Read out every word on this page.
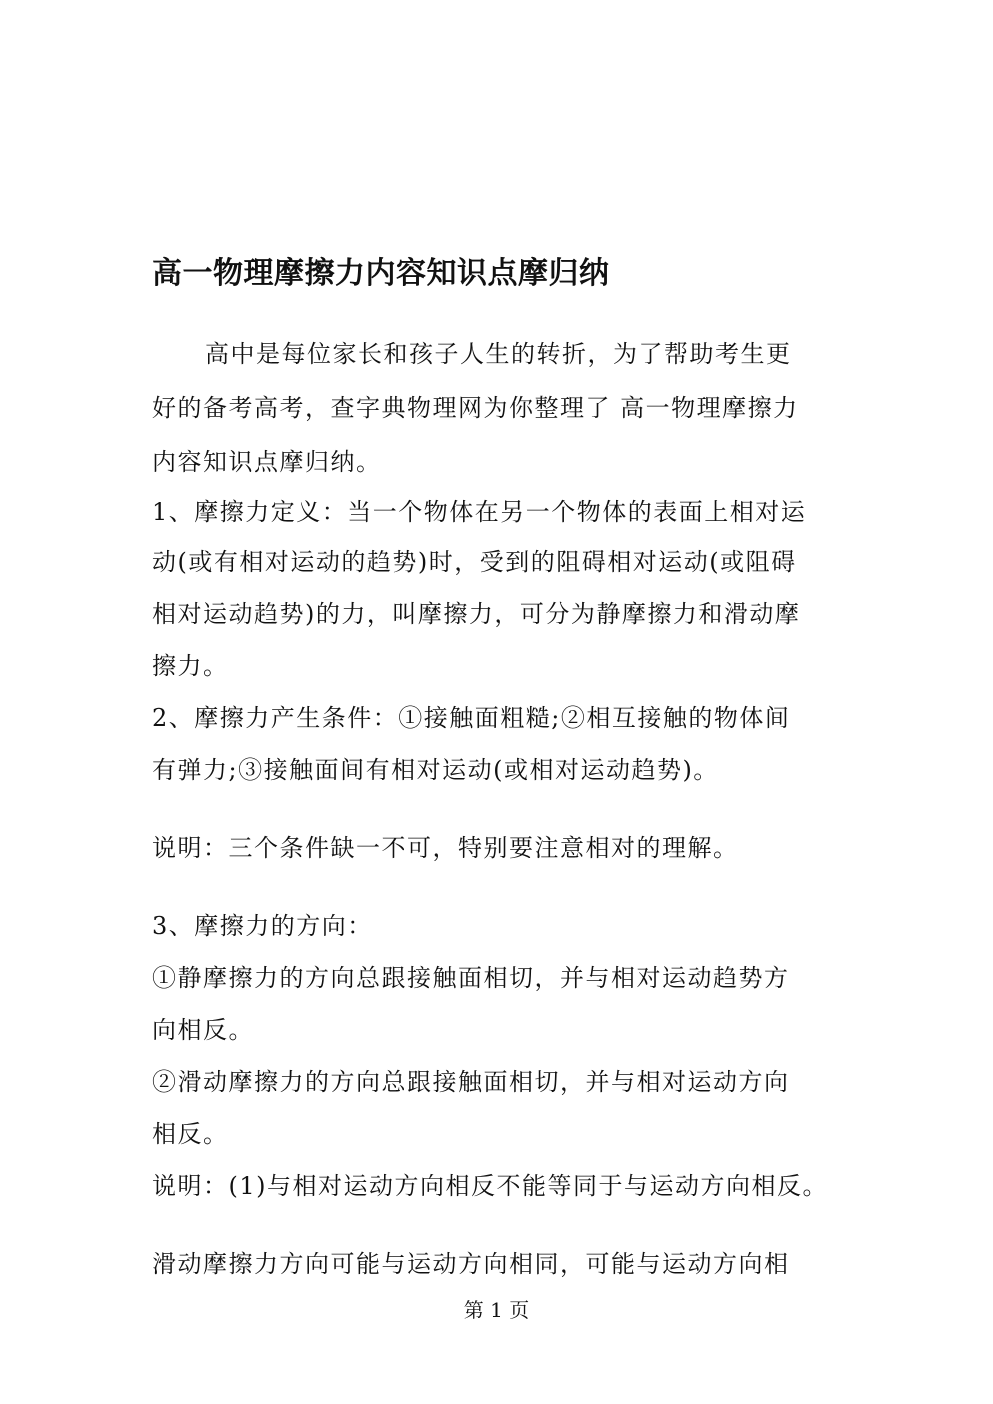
高一物理摩擦力内容知识点摩归纳
高中是每位家长和孩子人生的转折，为了帮助考生更
好的备考高考，查字典物理网为你整理了 高一物理摩擦力
内容知识点摩归纳。
1、摩擦力定义：当一个物体在另一个物体的表面上相对运
动(或有相对运动的趋势)时，受到的阻碍相对运动(或阻碍
相对运动趋势)的力，叫摩擦力，可分为静摩擦力和滑动摩
擦力。
2、摩擦力产生条件：①接触面粗糙;②相互接触的物体间
有弹力;③接触面间有相对运动(或相对运动趋势)。
说明：三个条件缺一不可，特别要注意相对的理解。
3、摩擦力的方向：
①静摩擦力的方向总跟接触面相切，并与相对运动趋势方
向相反。
②滑动摩擦力的方向总跟接触面相切，并与相对运动方向
相反。
说明：(1)与相对运动方向相反不能等同于与运动方向相反。
滑动摩擦力方向可能与运动方向相同，可能与运动方向相
第 1 页
